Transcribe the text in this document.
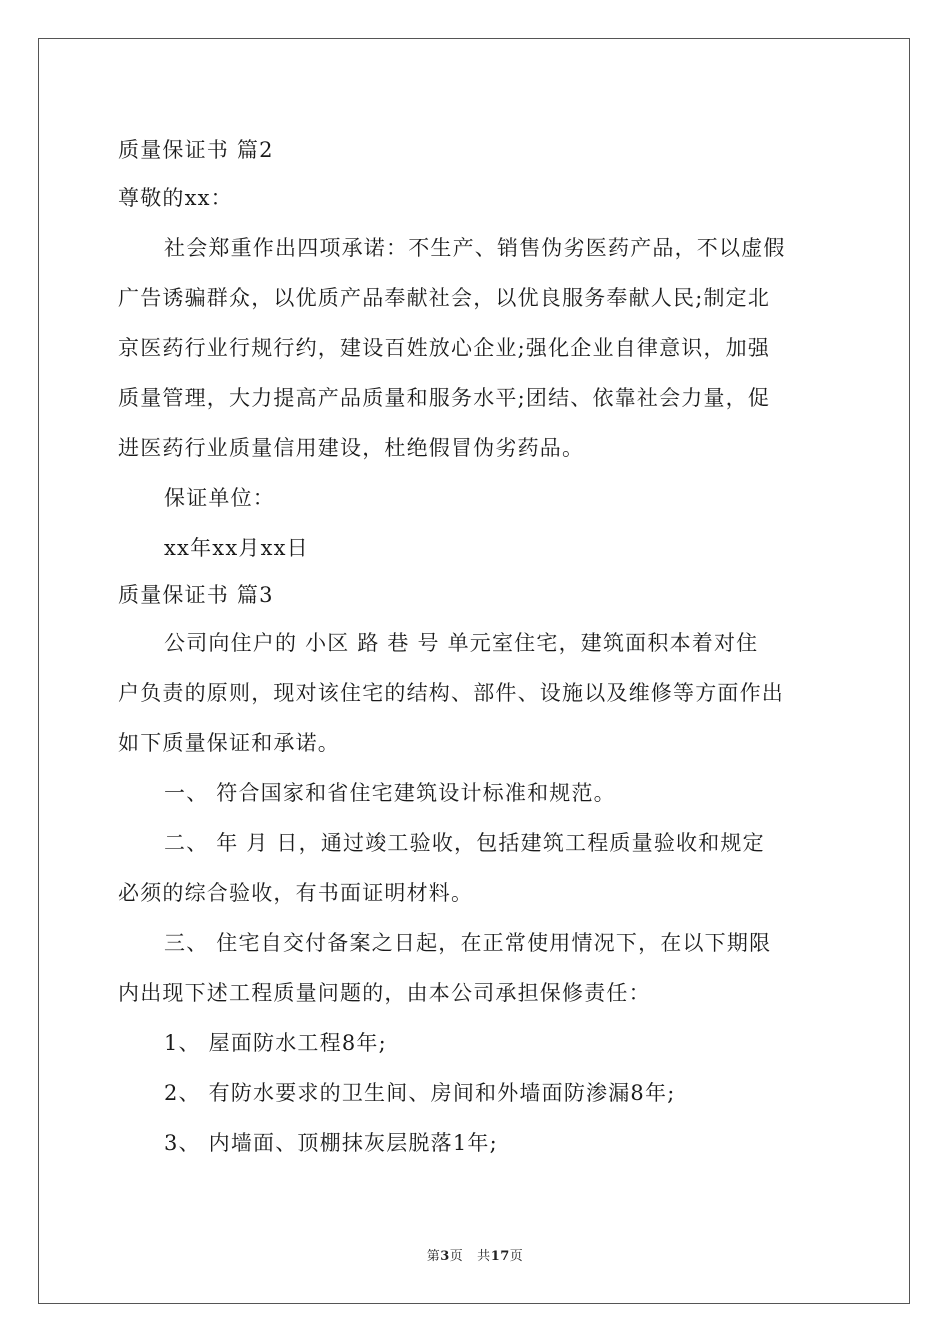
质量保证书 篇2

尊敬的xx：

社会郑重作出四项承诺：不生产、销售伪劣医药产品，不以虚假

广告诱骗群众，以优质产品奉献社会，以优良服务奉献人民;制定北

京医药行业行规行约，建设百姓放心企业;强化企业自律意识，加强

质量管理，大力提高产品质量和服务水平;团结、依靠社会力量，促

进医药行业质量信用建设，杜绝假冒伪劣药品。

保证单位：

xx年xx月xx日

质量保证书 篇3

公司向住户的 小区 路 巷 号 单元室住宅，建筑面积本着对住

户负责的原则，现对该住宅的结构、部件、设施以及维修等方面作出

如下质量保证和承诺。

一、 符合国家和省住宅建筑设计标准和规范。

二、 年 月 日，通过竣工验收，包括建筑工程质量验收和规定

必须的综合验收，有书面证明材料。

三、 住宅自交付备案之日起，在正常使用情况下，在以下期限

内出现下述工程质量问题的，由本公司承担保修责任：

1、 屋面防水工程8年;

2、 有防水要求的卫生间、房间和外墙面防渗漏8年;

3、 内墙面、顶棚抹灰层脱落1年;

第3页 共17页
